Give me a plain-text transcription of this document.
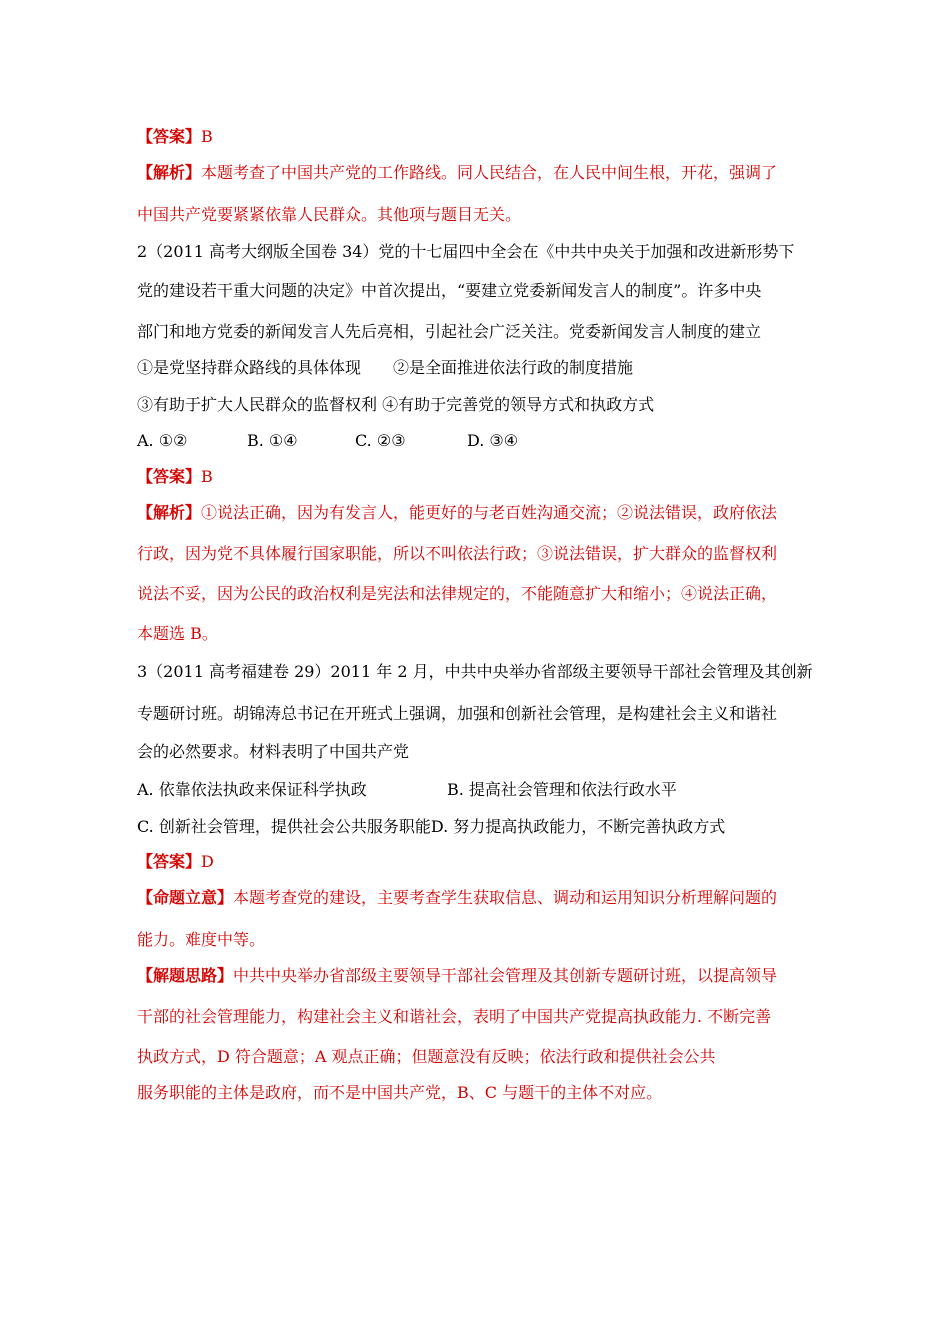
【答案】B
【解析】本题考查了中国共产党的工作路线。同人民结合，在人民中间生根，开花，强调了
中国共产党要紧紧依靠人民群众。其他项与题目无关。
2（2011 高考大纲版全国卷 34）党的十七届四中全会在《中共中央关于加强和改进新形势下
党的建设若干重大问题的决定》中首次提出，“要建立党委新闻发言人的制度”。许多中央
部门和地方党委的新闻发言人先后亮相，引起社会广泛关注。党委新闻发言人制度的建立
①是党坚持群众路线的具体体现　　②是全面推进依法行政的制度措施
③有助于扩大人民群众的监督权利 ④有助于完善党的领导方式和执政方式
A. ①②	B. ①④	C. ②③	D. ③④
【答案】B
【解析】①说法正确，因为有发言人，能更好的与老百姓沟通交流；②说法错误，政府依法
行政，因为党不具体履行国家职能，所以不叫依法行政；③说法错误，扩大群众的监督权利
说法不妥，因为公民的政治权利是宪法和法律规定的，不能随意扩大和缩小；④说法正确，
本题选 B。
3（2011 高考福建卷 29）2011 年 2 月，中共中央举办省部级主要领导干部社会管理及其创新
专题研讨班。胡锦涛总书记在开班式上强调，加强和创新社会管理，是构建社会主义和谐社
会的必然要求。材料表明了中国共产党
A. 依靠依法执政来保证科学执政	B. 提高社会管理和依法行政水平
C. 创新社会管理，提供社会公共服务职能D. 努力提高执政能力，不断完善执政方式
【答案】D
【命题立意】本题考查党的建设，主要考查学生获取信息、调动和运用知识分析理解问题的
能力。难度中等。
【解题思路】中共中央举办省部级主要领导干部社会管理及其创新专题研讨班，以提高领导
干部的社会管理能力，构建社会主义和谐社会，表明了中国共产党提高执政能力. 不断完善
执政方式，D 符合题意；A 观点正确；但题意没有反映；依法行政和提供社会公共
服务职能的主体是政府，而不是中国共产党，B、C 与题干的主体不对应。
